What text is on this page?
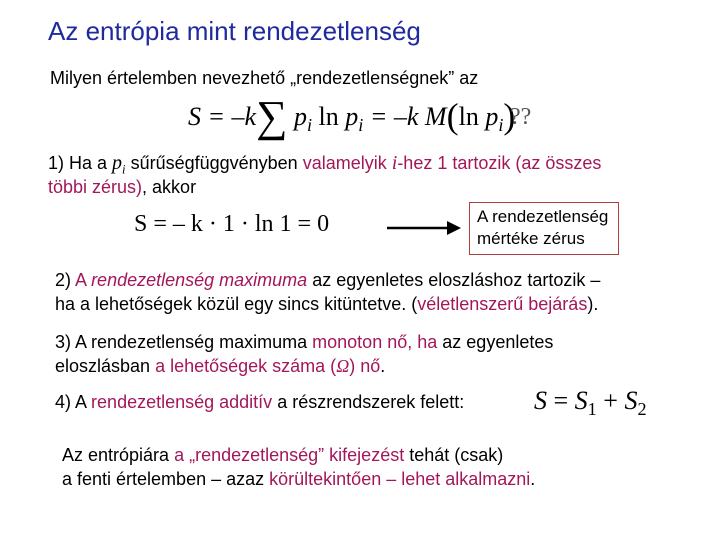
Az entrópia mint rendezetlenség
Milyen értelemben nevezhető „rendezetlenségnek” az
S = –k∑ $p_i$ $\ln p_i = -k$ M(ln $p_i$)
??
1) Ha a $p_i$ sűrűségfüggvényben valamelyik i-hez 1 tartozik (az összes
többi zérus), akkor
S = – k · 1 · ln 1 = 0	A rendezetlenség
mértéke zérus
2) A rendezetlenség maximuma az egyenletes eloszláshoz tartozik –
ha a lehetőségek közül egy sincs kitüntetve. (véletlenszerű bejárás).
3) A rendezetlenség maximuma monoton nő, ha az egyenletes
eloszlásban a lehetőségek száma (Ω) nő.
4) A rendezetlenség additív a részrendszerek felett:	$S = S_1 + S_2$
Az entrópiára a „rendezetlenség” kifejezést tehát (csak)
a fenti értelemben – azaz körültekintően – lehet alkalmazni.
